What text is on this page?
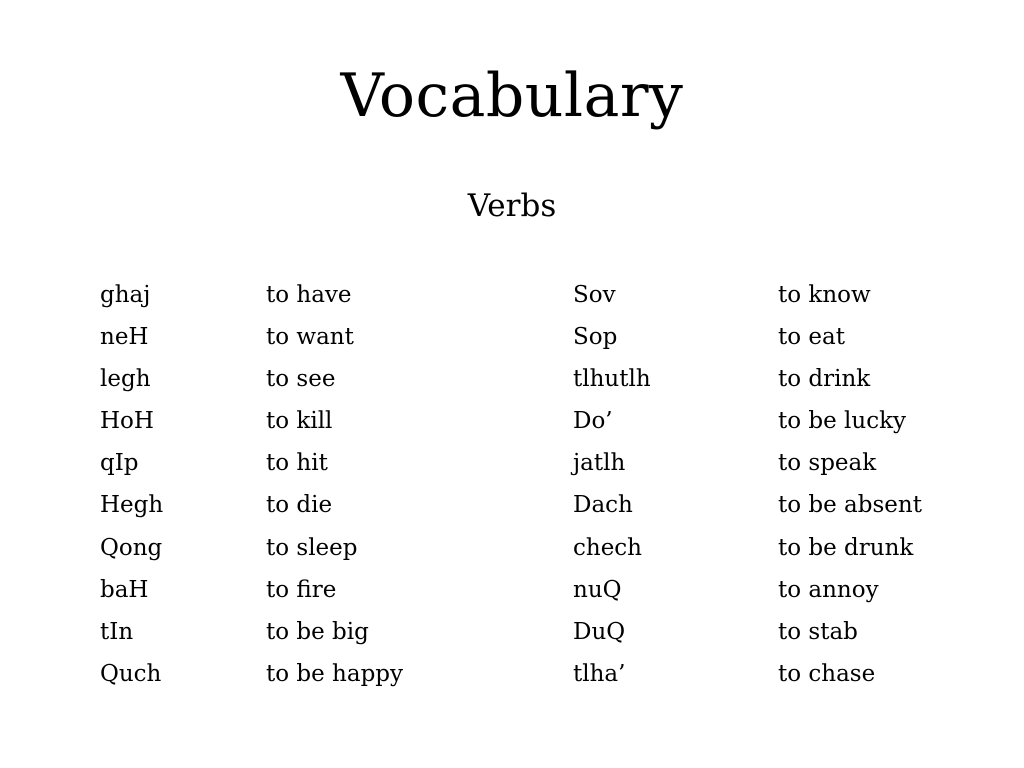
Vocabulary
Verbs
ghaj	to have	Sov	to know
neH	to want	Sop	to eat
legh	to see	tlhutlh	to drink
HoH	to kill	Do’	to be lucky
qIp	to hit	jatlh	to speak
Hegh	to die	Dach	to be absent
Qong	to sleep	chech	to be drunk
baH	to fire	nuQ	to annoy
tIn	to be big	DuQ	to stab
Quch	to be happy	tlha’	to chase
